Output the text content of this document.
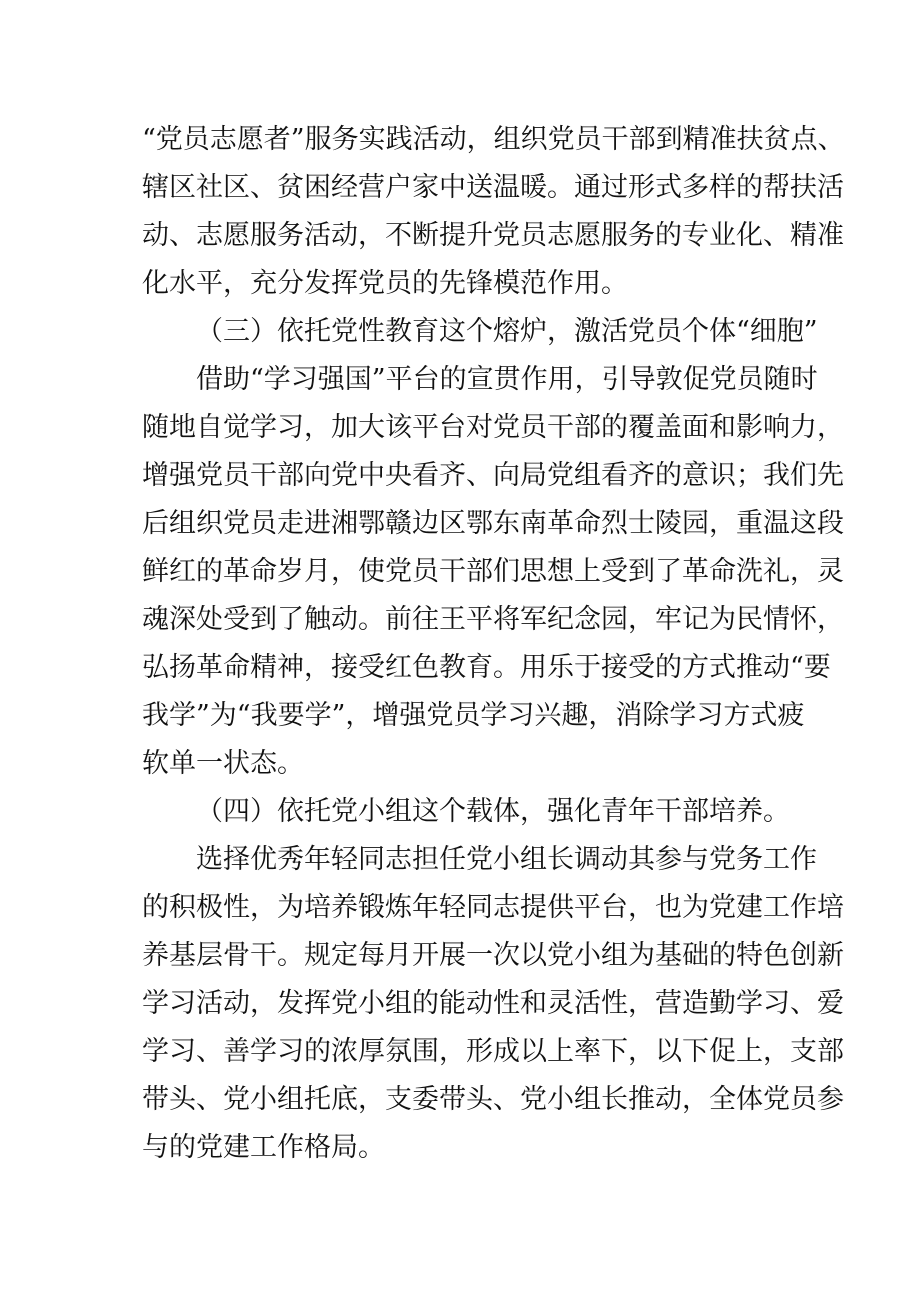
“党员志愿者”服务实践活动，组织党员干部到精准扶贫点、
辖区社区、贫困经营户家中送温暖。通过形式多样的帮扶活
动、志愿服务活动，不断提升党员志愿服务的专业化、精准
化水平，充分发挥党员的先锋模范作用。
（三）依托党性教育这个熔炉，激活党员个体“细胞”
借助“学习强国”平台的宣贯作用，引导敦促党员随时
随地自觉学习，加大该平台对党员干部的覆盖面和影响力，
增强党员干部向党中央看齐、向局党组看齐的意识；我们先
后组织党员走进湘鄂赣边区鄂东南革命烈士陵园，重温这段
鲜红的革命岁月，使党员干部们思想上受到了革命洗礼，灵
魂深处受到了触动。前往王平将军纪念园，牢记为民情怀，
弘扬革命精神，接受红色教育。用乐于接受的方式推动“要
我学”为“我要学”，增强党员学习兴趣，消除学习方式疲
软单一状态。
（四）依托党小组这个载体，强化青年干部培养。
选择优秀年轻同志担任党小组长调动其参与党务工作
的积极性，为培养锻炼年轻同志提供平台，也为党建工作培
养基层骨干。规定每月开展一次以党小组为基础的特色创新
学习活动，发挥党小组的能动性和灵活性，营造勤学习、爱
学习、善学习的浓厚氛围，形成以上率下，以下促上，支部
带头、党小组托底，支委带头、党小组长推动，全体党员参
与的党建工作格局。
